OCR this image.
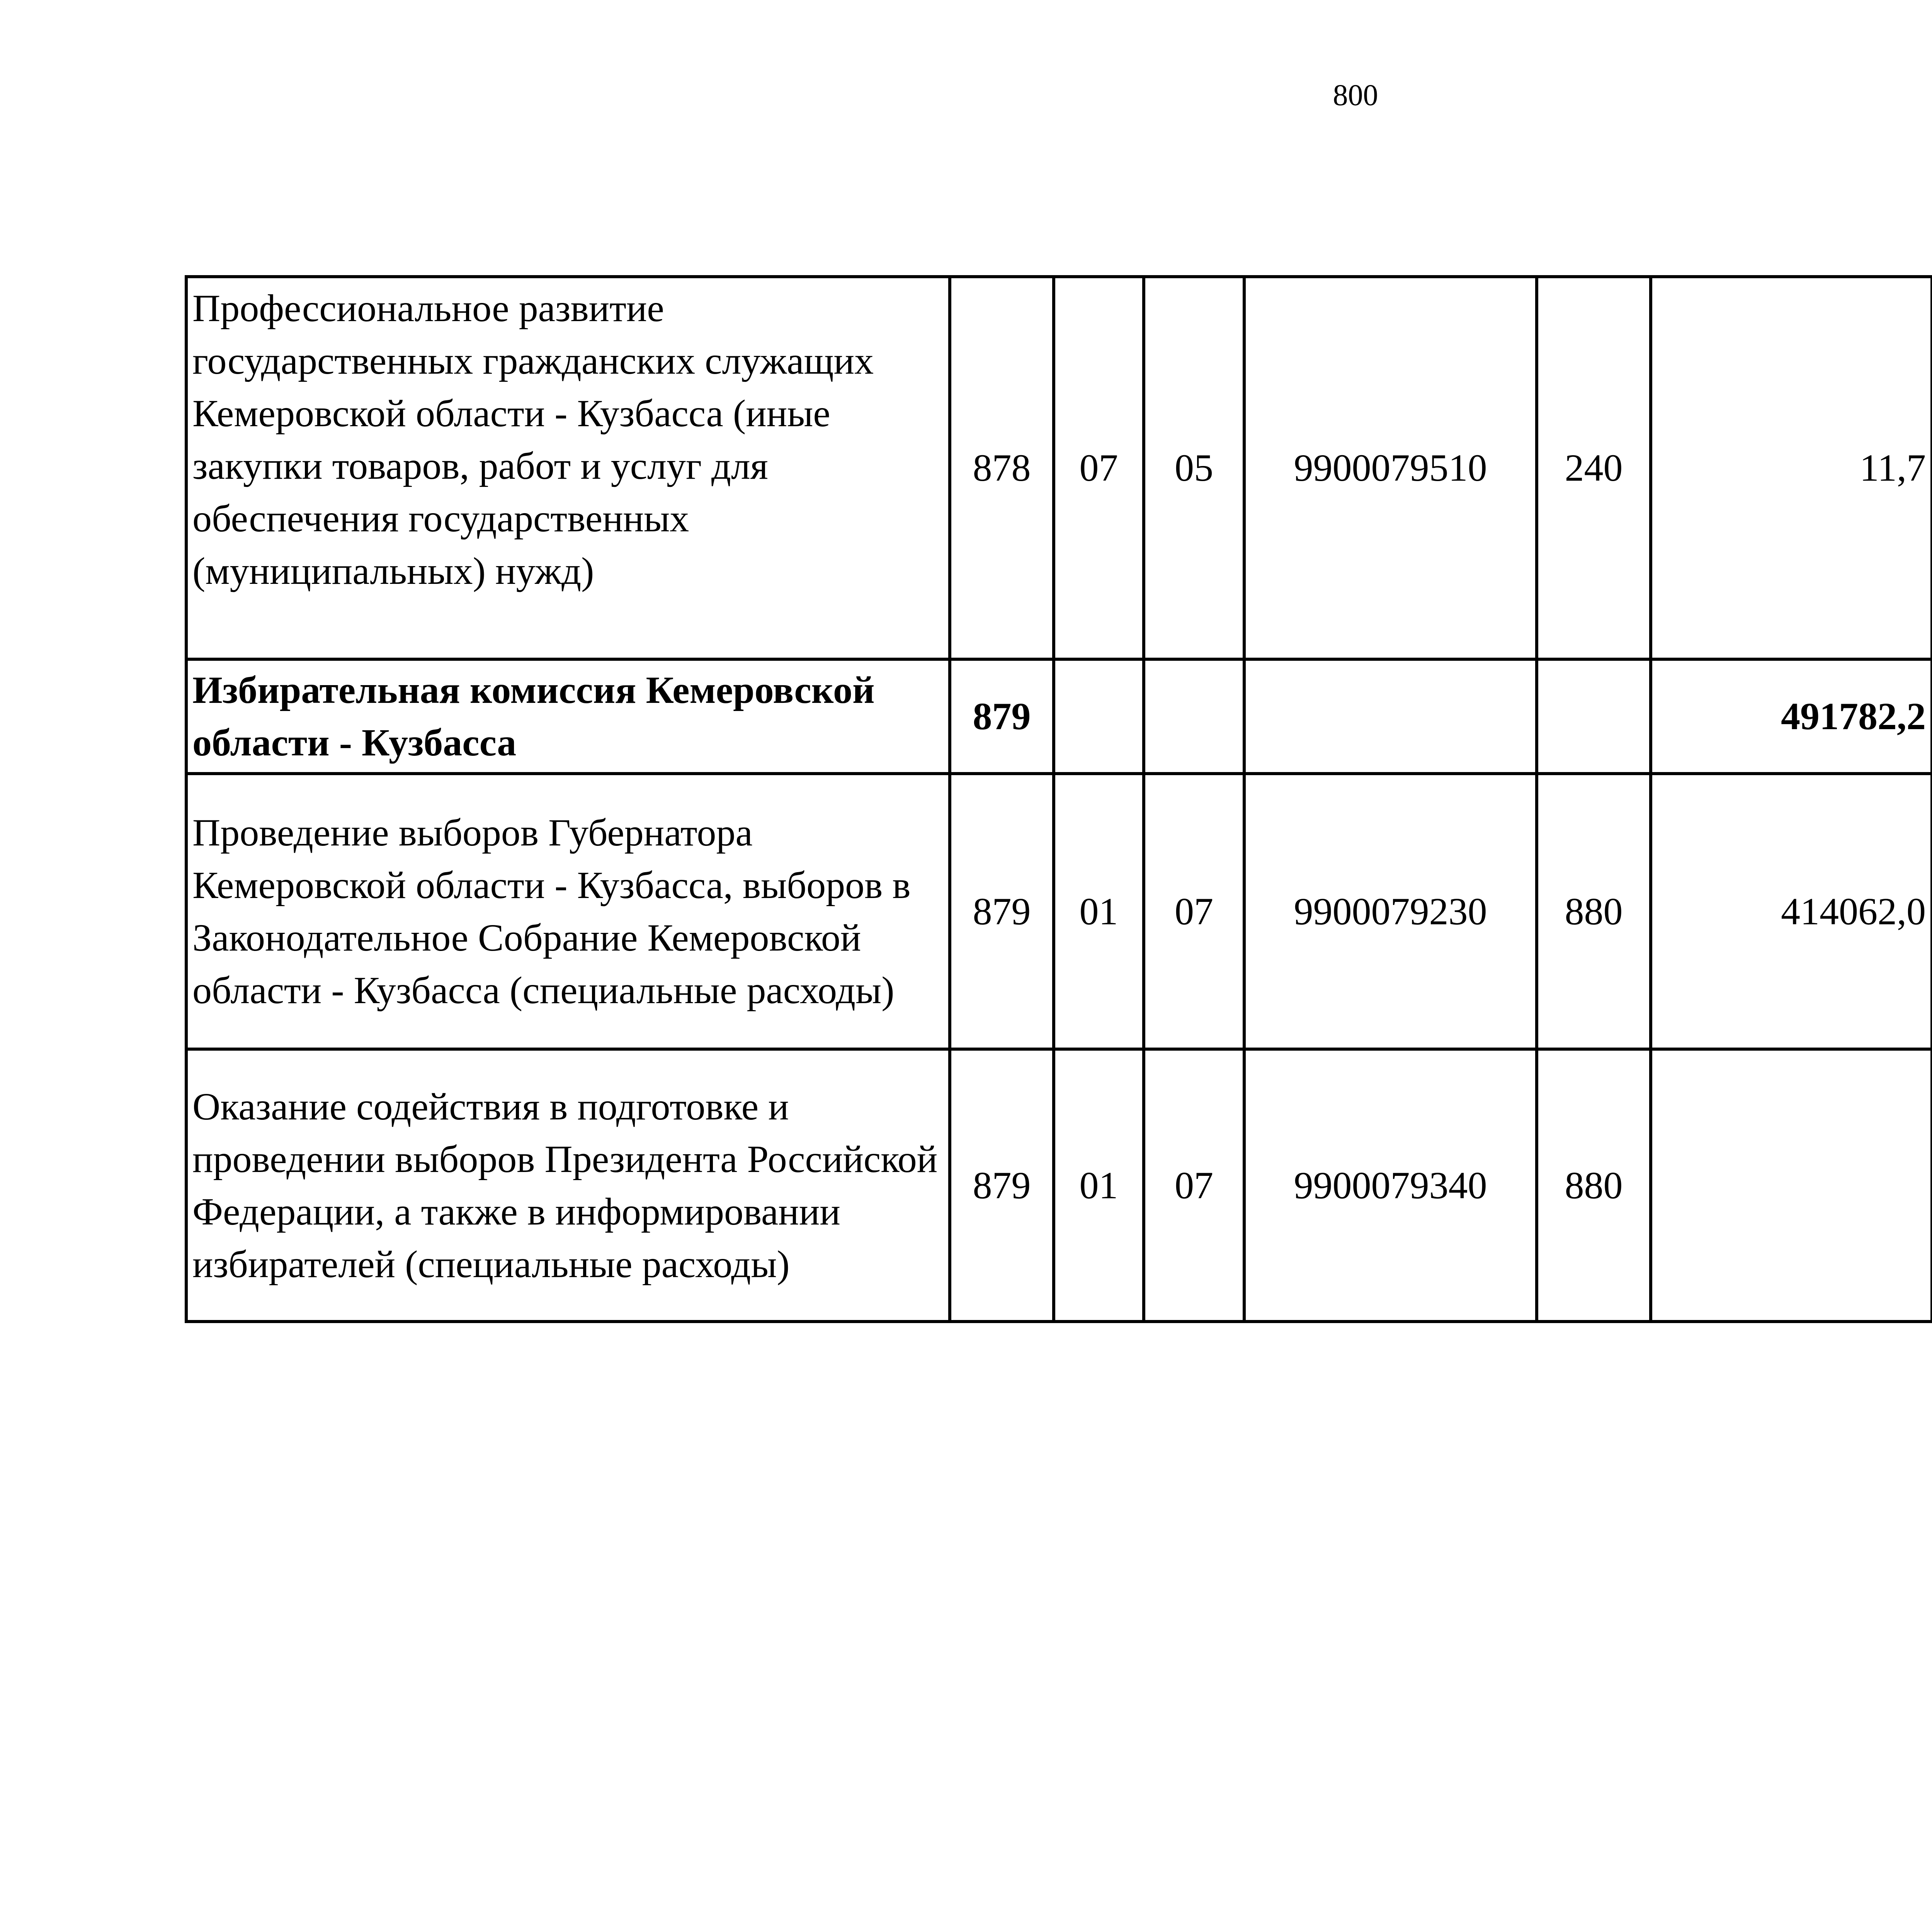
800
Профессиональное развитие государственных гражданских служащих Кемеровской области - Кузбасса (иные закупки товаров, работ и услуг для обеспечения государственных (муниципальных) нужд)	878	07	05	9900079510	240	11,7		
Избирательная комиссия Кемеровской области - Кузбасса	879					491782,2		
Проведение выборов Губернатора Кемеровской области - Кузбасса, выборов в Законодательное Собрание Кемеровской области - Кузбасса (специальные расходы)	879	01	07	9900079230	880	414062,0		
Оказание содействия в подготовке и проведении выборов Президента Российской Федерации, а также в информировании избирателей (специальные расходы)	879	01	07	9900079340	880			
